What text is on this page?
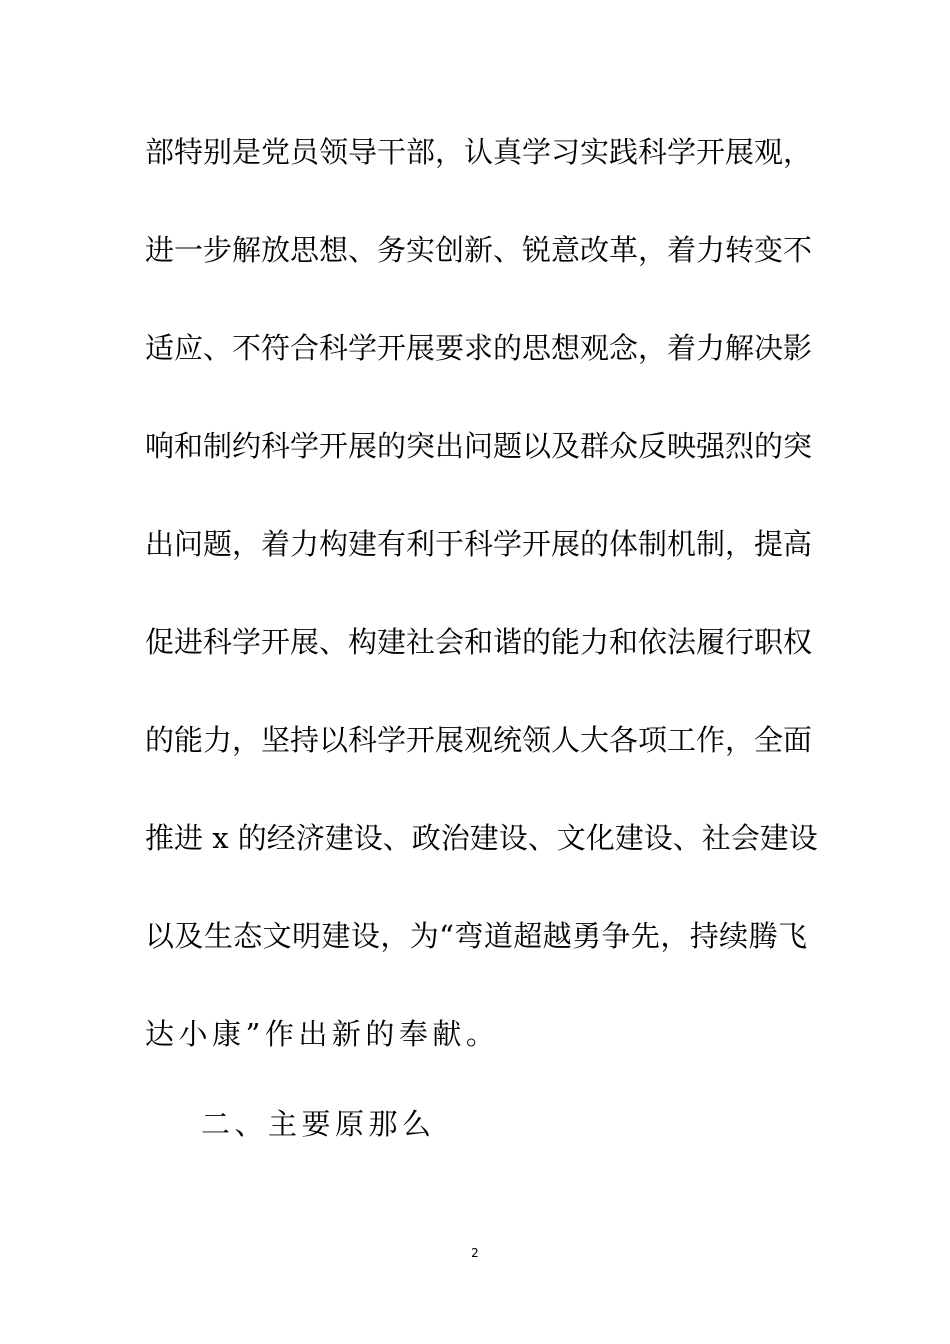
部特别是党员领导干部，认真学习实践科学开展观，
进一步解放思想、务实创新、锐意改革，着力转变不
适应、不符合科学开展要求的思想观念，着力解决影
响和制约科学开展的突出问题以及群众反映强烈的突
出问题，着力构建有利于科学开展的体制机制，提高
促进科学开展、构建社会和谐的能力和依法履行职权
的能力，坚持以科学开展观统领人大各项工作，全面
推进 x 的经济建设、政治建设、文化建设、社会建设
以及生态文明建设，为“弯道超越勇争先，持续腾飞
达小康”作出新的奉献。
二、主要原那么
2
